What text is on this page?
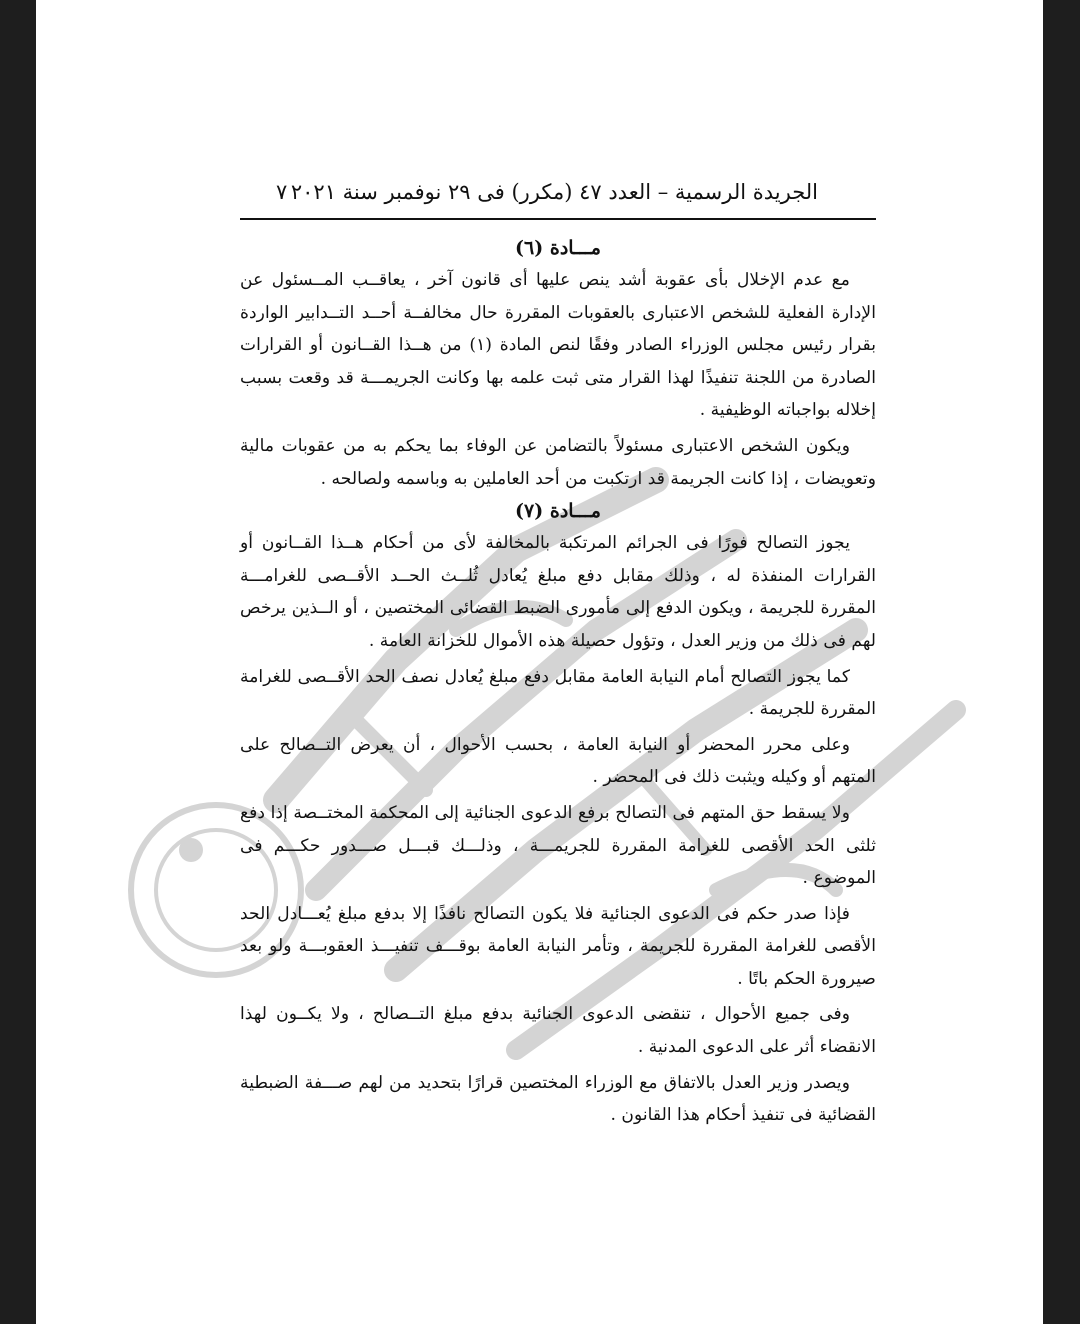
الجريدة الرسمية – العدد ٤٧ (مكرر) فى ٢٩ نوفمبر سنة ٢٠٢١
٧
مـــادة (٦)

مع عدم الإخلال بأى عقوبة أشد ينص عليها أى قانون آخر ، يعاقــب المــسئول عن الإدارة الفعلية للشخص الاعتبارى بالعقوبات المقررة حال مخالفــة أحــد التــدابير الواردة بقرار رئيس مجلس الوزراء الصادر وفقًا لنص المادة (١) من هــذا القــانون أو القرارات الصادرة من اللجنة تنفيذًا لهذا القرار متى ثبت علمه بها وكانت الجريمـــة قد وقعت بسبب إخلاله بواجباته الوظيفية .

ويكون الشخص الاعتبارى مسئولاً بالتضامن عن الوفاء بما يحكم به من عقوبات مالية وتعويضات ، إذا كانت الجريمة قد ارتكبت من أحد العاملين به وباسمه ولصالحه .

مـــادة (٧)

يجوز التصالح فورًا فى الجرائم المرتكبة بالمخالفة لأى من أحكام هــذا القــانون أو القرارات المنفذة له ، وذلك مقابل دفع مبلغ يُعادل ثُلــث الحــد الأقــصى للغرامـــة المقررة للجريمة ، ويكون الدفع إلى مأمورى الضبط القضائى المختصين ، أو الــذين يرخص لهم فى ذلك من وزير العدل ، وتؤول حصيلة هذه الأموال للخزانة العامة .

كما يجوز التصالح أمام النيابة العامة مقابل دفع مبلغ يُعادل نصف الحد الأقــصى للغرامة المقررة للجريمة .

وعلى محرر المحضر أو النيابة العامة ، بحسب الأحوال ، أن يعرض التــصالح على المتهم أو وكيله ويثبت ذلك فى المحضر .

ولا يسقط حق المتهم فى التصالح برفع الدعوى الجنائية إلى المحكمة المختــصة إذا دفع ثلثى الحد الأقصى للغرامة المقررة للجريمـــة ، وذلـــك قبـــل صـــدور حكـــم فى الموضوع .

فإذا صدر حكم فى الدعوى الجنائية فلا يكون التصالح نافذًا إلا بدفع مبلغ يُعـــادل الحد الأقصى للغرامة المقررة للجريمة ، وتأمر النيابة العامة بوقـــف تنفيـــذ العقوبـــة ولو بعد صيرورة الحكم باتًا .

وفى جميع الأحوال ، تنقضى الدعوى الجنائية بدفع مبلغ التــصالح ، ولا يكــون لهذا الانقضاء أثر على الدعوى المدنية .

ويصدر وزير العدل بالاتفاق مع الوزراء المختصين قرارًا بتحديد من لهم صـــفة الضبطية القضائية فى تنفيذ أحكام هذا القانون .
